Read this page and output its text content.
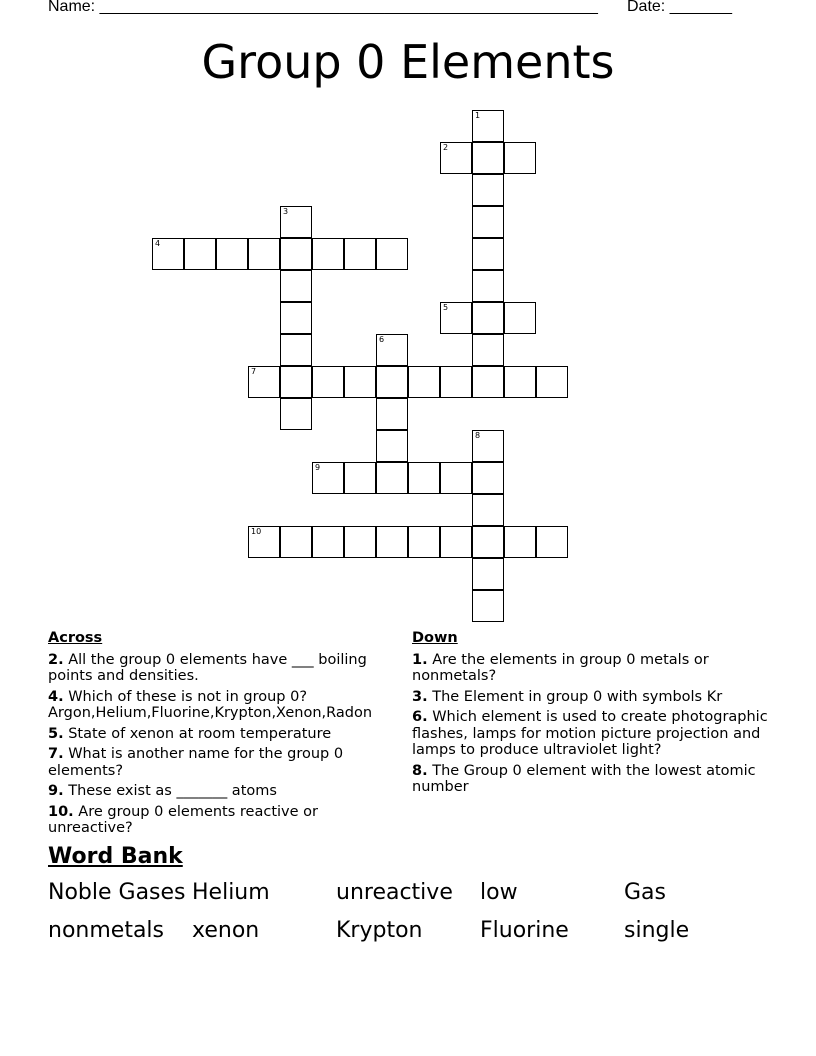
Name: ________________________________________________________ Date: _______
Group 0 Elements
1
2
3
4
5
6
7
8
9
10
Across
2. All the group 0 elements have ___ boiling points and densities.
4. Which of these is not in group 0? Argon,Helium,Fluorine,Krypton,Xenon,Radon
5. State of xenon at room temperature
7. What is another name for the group 0 elements?
9. These exist as _______ atoms
10. Are group 0 elements reactive or unreactive?
Down
1. Are the elements in group 0 metals or nonmetals?
3. The Element in group 0 with symbols Kr
6. Which element is used to create photographic flashes, lamps for motion picture projection and lamps to produce ultraviolet light?
8. The Group 0 element with the lowest atomic number
Word Bank
Noble Gases Helium	unreactive	low	Gas
nonmetals	xenon	Krypton	Fluorine	single
